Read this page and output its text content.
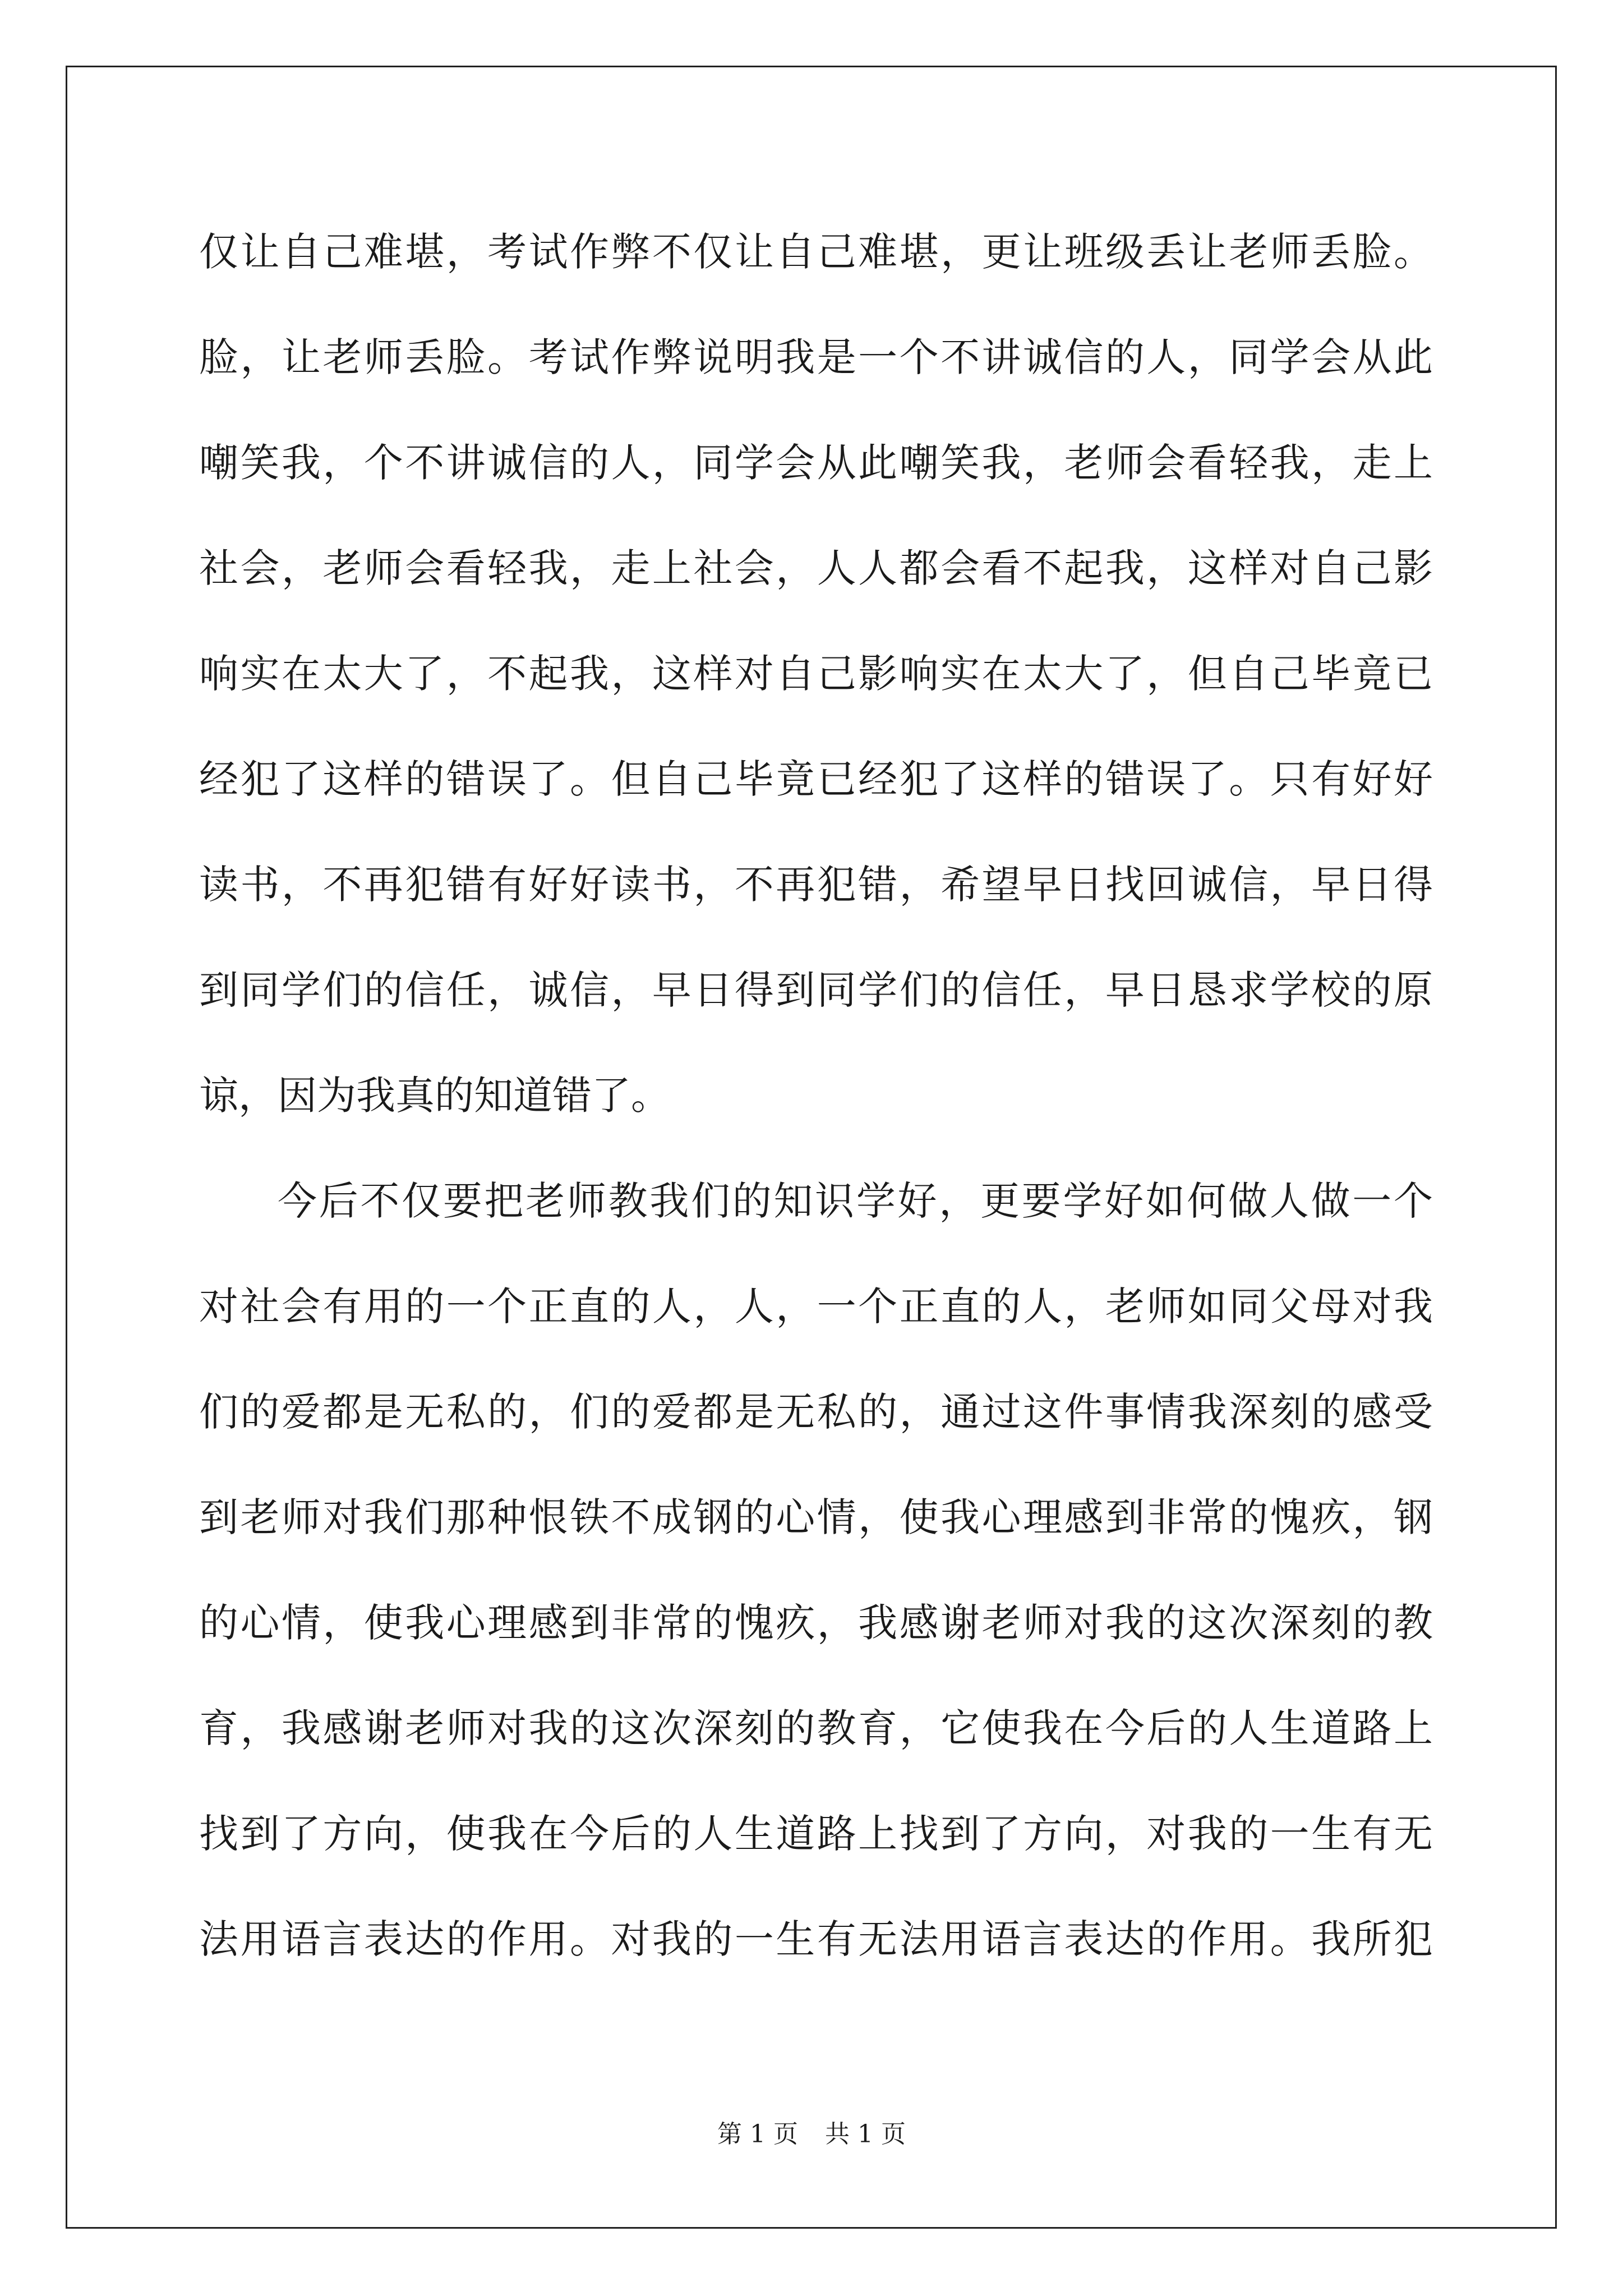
仅让自己难堪，考试作弊不仅让自己难堪，更让班级丢让老师丢脸。
脸，让老师丢脸。考试作弊说明我是一个不讲诚信的人，同学会从此
嘲笑我，个不讲诚信的人，同学会从此嘲笑我，老师会看轻我，走上
社会，老师会看轻我，走上社会，人人都会看不起我，这样对自己影
响实在太大了，不起我，这样对自己影响实在太大了，但自己毕竟已
经犯了这样的错误了。但自己毕竟已经犯了这样的错误了。只有好好
读书，不再犯错有好好读书，不再犯错，希望早日找回诚信，早日得
到同学们的信任，诚信，早日得到同学们的信任，早日恳求学校的原
谅，因为我真的知道错了。
今后不仅要把老师教我们的知识学好，更要学好如何做人做一个
对社会有用的一个正直的人，人，一个正直的人，老师如同父母对我
们的爱都是无私的，们的爱都是无私的，通过这件事情我深刻的感受
到老师对我们那种恨铁不成钢的心情，使我心理感到非常的愧疚，钢
的心情，使我心理感到非常的愧疚，我感谢老师对我的这次深刻的教
育，我感谢老师对我的这次深刻的教育，它使我在今后的人生道路上
找到了方向，使我在今后的人生道路上找到了方向，对我的一生有无
法用语言表达的作用。对我的一生有无法用语言表达的作用。我所犯
第 1 页 共 1 页
